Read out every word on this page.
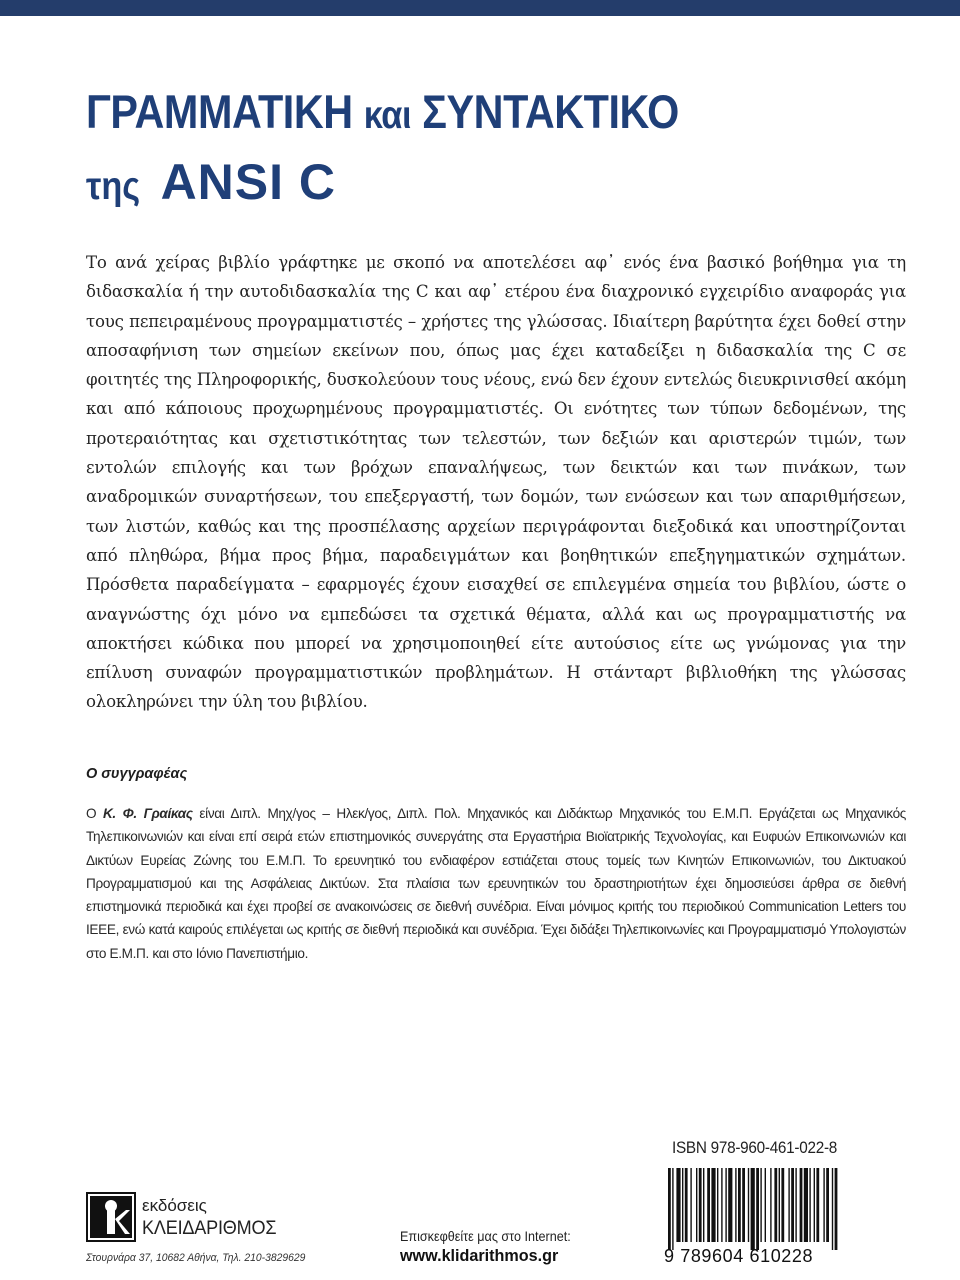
ΓΡΑΜΜΑΤΙΚΗ και ΣΥΝΤΑΚΤΙΚΟ
της ANSI C

Το ανά χείρας βιβλίο γράφτηκε με σκοπό να αποτελέσει αφ᾽ ενός ένα βασικό βοήθημα για τη διδασκαλία ή την αυτοδιδασκαλία της C και αφ᾽ ετέρου ένα διαχρονικό εγχειρίδιο αναφοράς για τους πεπειραμένους προγραμματιστές – χρήστες της γλώσσας. Ιδιαίτερη βαρύτητα έχει δοθεί στην αποσαφήνιση των σημείων εκείνων που, όπως μας έχει καταδείξει η διδασκαλία της C σε φοιτητές της Πληροφορικής, δυσκολεύουν τους νέους, ενώ δεν έχουν εντελώς διευκρινισθεί ακόμη και από κάποιους προχωρημένους προγραμματιστές. Οι ενότητες των τύπων δεδομένων, της προτεραιότητας και σχετιστικότητας των τελεστών, των δεξιών και αριστερών τιμών, των εντολών επιλογής και των βρόχων επαναλήψεως, των δεικτών και των πινάκων, των αναδρομικών συναρτήσεων, του επεξεργαστή, των δομών, των ενώσεων και των απαριθμήσεων, των λιστών, καθώς και της προσπέλασης αρχείων περιγράφονται διεξοδικά και υποστηρίζονται από πληθώρα, βήμα προς βήμα, παραδειγμάτων και βοηθητικών επεξηγηματικών σχημάτων. Πρόσθετα παραδείγματα – εφαρμογές έχουν εισαχθεί σε επιλεγμένα σημεία του βιβλίου, ώστε ο αναγνώστης όχι μόνο να εμπεδώσει τα σχετικά θέματα, αλλά και ως προγραμματιστής να αποκτήσει κώδικα που μπορεί να χρησιμοποιηθεί είτε αυτούσιος είτε ως γνώμονας για την επίλυση συναφών προγραμματιστικών προβλημάτων. Η στάνταρτ βιβλιοθήκη της γλώσσας ολοκληρώνει την ύλη του βιβλίου.

Ο συγγραφέας

Ο Κ. Φ. Γραίκας είναι Διπλ. Μηχ/γος – Ηλεκ/γος, Διπλ. Πολ. Μηχανικός και Διδάκτωρ Μηχανικός του Ε.Μ.Π. Εργάζεται ως Μηχανικός Τηλεπικοινωνιών και είναι επί σειρά ετών επιστημονικός συνεργάτης στα Εργαστήρια Βιοϊατρικής Τεχνολογίας, και Ευφυών Επικοινωνιών και Δικτύων Ευρείας Ζώνης του Ε.Μ.Π. Το ερευνητικό του ενδιαφέρον εστιάζεται στους τομείς των Κινητών Επικοινωνιών, του Δικτυακού Προγραμματισμού και της Ασφάλειας Δικτύων. Στα πλαίσια των ερευνητικών του δραστηριοτήτων έχει δημοσιεύσει άρθρα σε διεθνή επιστημονικά περιοδικά και έχει προβεί σε ανακοινώσεις σε διεθνή συνέδρια. Είναι μόνιμος κριτής του περιοδικού Communication Letters του IEEE, ενώ κατά καιρούς επιλέγεται ως κριτής σε διεθνή περιοδικά και συνέδρια. Έχει διδάξει Τηλεπικοινωνίες και Προγραμματισμό Υπολογιστών στο Ε.Μ.Π. και στο Ιόνιο Πανεπιστήμιο.

ISBN 978-960-461-022-8
9 789604 610228
εκδόσεις
ΚΛΕΙΔΑΡΙΘΜΟΣ
Στουρνάρα 37, 10682 Αθήνα, Τηλ. 210-3829629
Επισκεφθείτε μας στο Internet:
www.klidarithmos.gr
